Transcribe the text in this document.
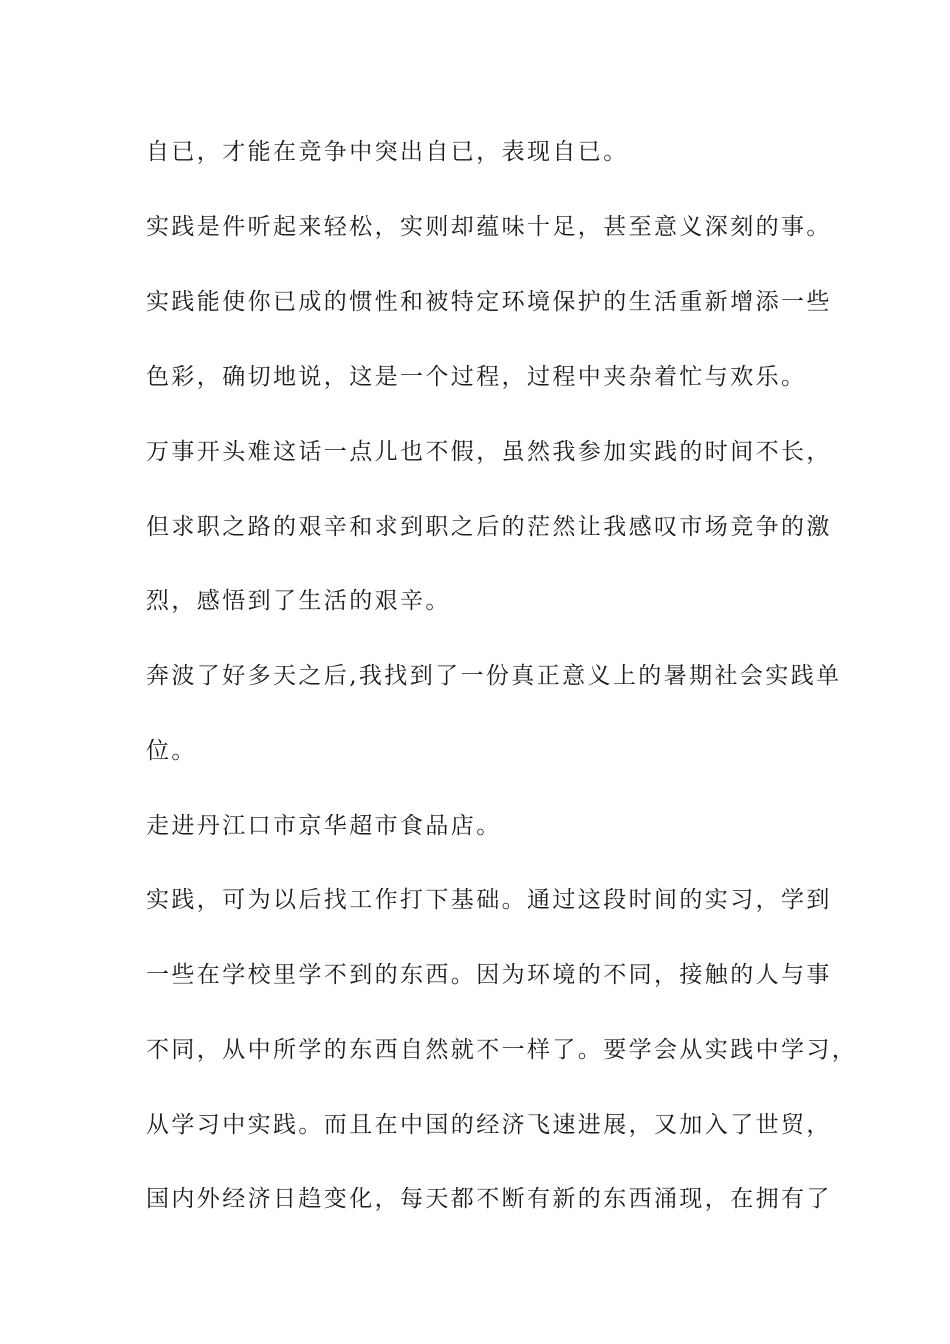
自已，才能在竞争中突出自已，表现自已。

实践是件听起来轻松，实则却蕴味十足，甚至意义深刻的事。

实践能使你已成的惯性和被特定环境保护的生活重新增添一些

色彩，确切地说，这是一个过程，过程中夹杂着忙与欢乐。

万事开头难这话一点儿也不假，虽然我参加实践的时间不长，

但求职之路的艰辛和求到职之后的茫然让我感叹市场竞争的激

烈，感悟到了生活的艰辛。

奔波了好多天之后,我找到了一份真正意义上的暑期社会实践单

位。

走进丹江口市京华超市食品店。

实践，可为以后找工作打下基础。通过这段时间的实习，学到

一些在学校里学不到的东西。因为环境的不同，接触的人与事

不同，从中所学的东西自然就不一样了。要学会从实践中学习，

从学习中实践。而且在中国的经济飞速进展，又加入了世贸，

国内外经济日趋变化，每天都不断有新的东西涌现，在拥有了
